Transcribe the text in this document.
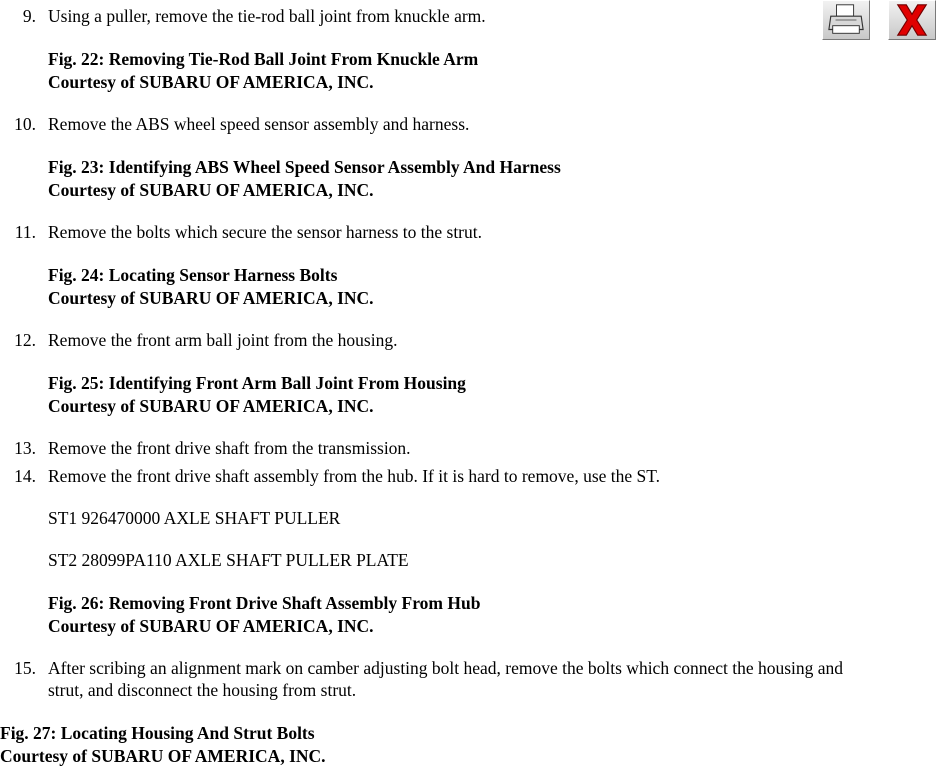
9. Using a puller, remove the tie-rod ball joint from knuckle arm.
Fig. 22: Removing Tie-Rod Ball Joint From Knuckle Arm
Courtesy of SUBARU OF AMERICA, INC.
10. Remove the ABS wheel speed sensor assembly and harness.
Fig. 23: Identifying ABS Wheel Speed Sensor Assembly And Harness
Courtesy of SUBARU OF AMERICA, INC.
11. Remove the bolts which secure the sensor harness to the strut.
Fig. 24: Locating Sensor Harness Bolts
Courtesy of SUBARU OF AMERICA, INC.
12. Remove the front arm ball joint from the housing.
Fig. 25: Identifying Front Arm Ball Joint From Housing
Courtesy of SUBARU OF AMERICA, INC.
13. Remove the front drive shaft from the transmission.
14. Remove the front drive shaft assembly from the hub. If it is hard to remove, use the ST.
ST1 926470000 AXLE SHAFT PULLER
ST2 28099PA110 AXLE SHAFT PULLER PLATE
Fig. 26: Removing Front Drive Shaft Assembly From Hub
Courtesy of SUBARU OF AMERICA, INC.
15. After scribing an alignment mark on camber adjusting bolt head, remove the bolts which connect the housing and
strut, and disconnect the housing from strut.
Fig. 27: Locating Housing And Strut Bolts
Courtesy of SUBARU OF AMERICA, INC.
